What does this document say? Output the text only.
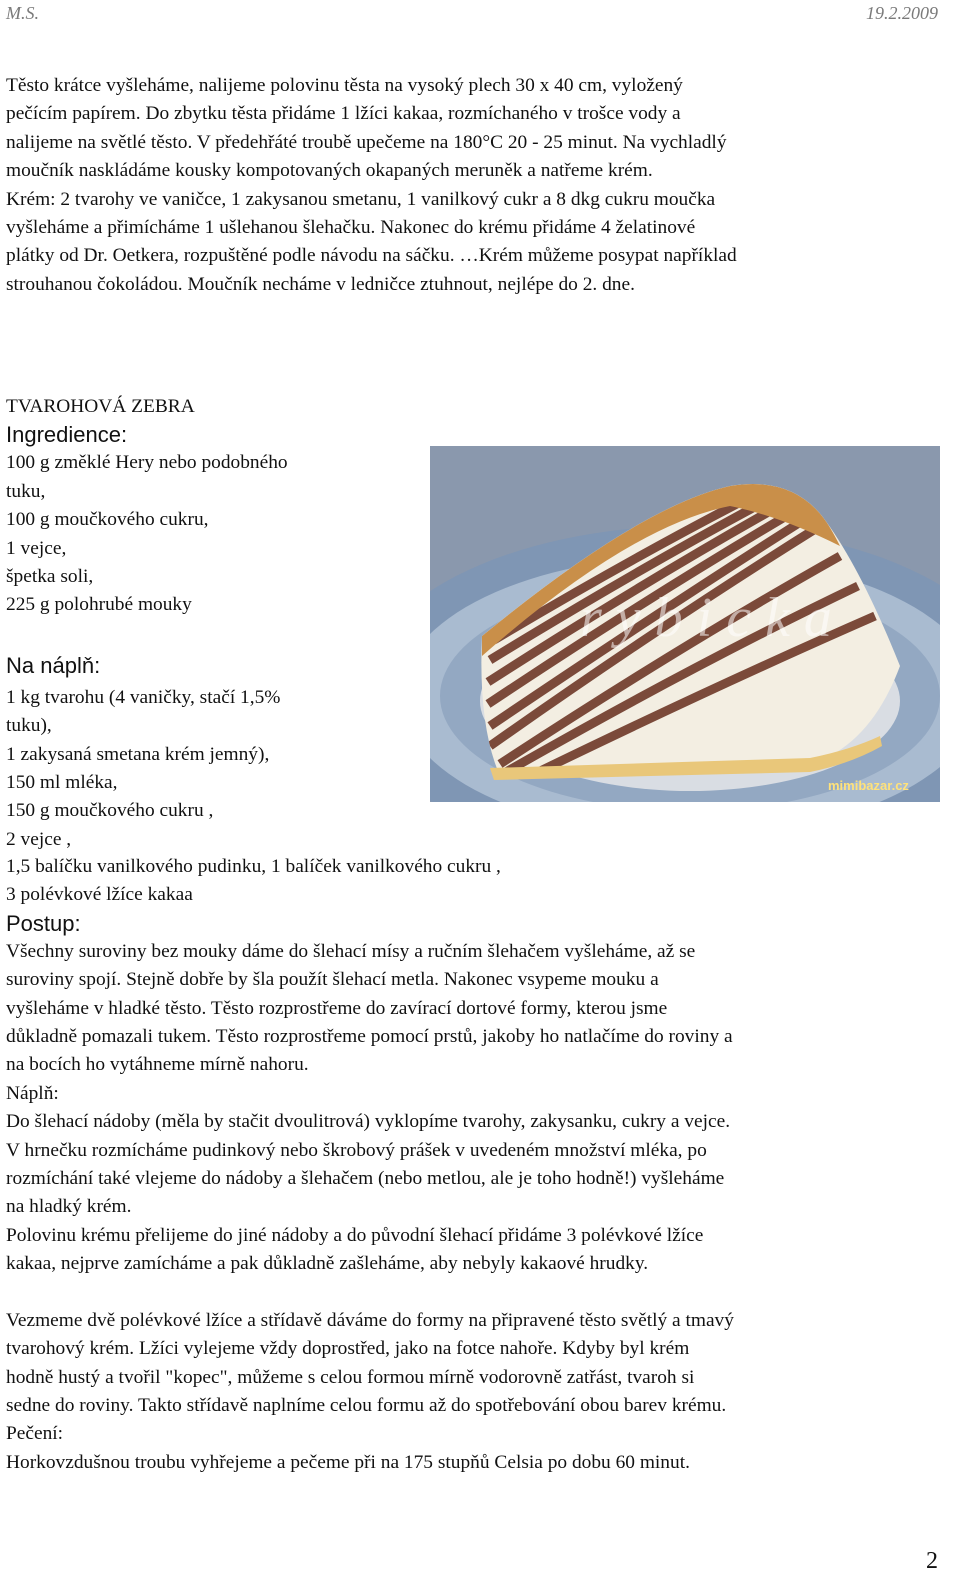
M.S.	19.2.2009

Těsto krátce vyšleháme, nalijeme polovinu těsta na vysoký plech 30 x 40 cm, vyložený

pečícím papírem. Do zbytku těsta přidáme 1 lžíci kakaa, rozmíchaného v trošce vody a

nalijeme na světlé těsto. V předehřáté troubě upečeme na 180°C 20 - 25 minut. Na vychladlý

moučník naskládáme kousky kompotovaných okapaných meruněk a natřeme krém.

Krém: 2 tvarohy ve vaničce, 1 zakysanou smetanu, 1 vanilkový cukr a 8 dkg cukru moučka

vyšleháme a přimícháme 1 ušlehanou šlehačku. Nakonec do krému přidáme 4 želatinové

plátky od Dr. Oetkera, rozpuštěné podle návodu na sáčku. …Krém můžeme posypat například

strouhanou čokoládou. Moučník necháme v ledničce ztuhnout, nejlépe do 2. dne.

TVAROHOVÁ ZEBRA

Ingredience:

100 g změklé Hery nebo podobného

tuku,

100 g moučkového cukru,

1 vejce,

špetka soli,

225 g polohrubé mouky

Na náplň:

1 kg tvarohu (4 vaničky, stačí 1,5%

tuku),

1 zakysaná smetana krém jemný),

150 ml mléka,

150 g moučkového cukru ,

2 vejce ,

rybicka
mimibazar.cz

1,5 balíčku vanilkového pudinku, 1 balíček vanilkového cukru ,

3 polévkové lžíce kakaa

Postup:

Všechny suroviny bez mouky dáme do šlehací mísy a ručním šlehačem vyšleháme, až se

suroviny spojí. Stejně dobře by šla použít šlehací metla. Nakonec vsypeme mouku a

vyšleháme v hladké těsto. Těsto rozprostřeme do zavírací dortové formy, kterou jsme

důkladně pomazali tukem. Těsto rozprostřeme pomocí prstů, jakoby ho natlačíme do roviny a

na bocích ho vytáhneme mírně nahoru.

Náplň:

Do šlehací nádoby (měla by stačit dvoulitrová) vyklopíme tvarohy, zakysanku, cukry a vejce.

V hrnečku rozmícháme pudinkový nebo škrobový prášek v uvedeném množství mléka, po

rozmíchání také vlejeme do nádoby a šlehačem (nebo metlou, ale je toho hodně!) vyšleháme

na hladký krém.

Polovinu krému přelijeme do jiné nádoby a do původní šlehací přidáme 3 polévkové lžíce

kakaa, nejprve zamícháme a pak důkladně zašleháme, aby nebyly kakaové hrudky.

Vezmeme dvě polévkové lžíce a střídavě dáváme do formy na připravené těsto světlý a tmavý

tvarohový krém. Lžíci vylejeme vždy doprostřed, jako na fotce nahoře. Kdyby byl krém

hodně hustý a tvořil "kopec", můžeme s celou formou mírně vodorovně zatřást, tvaroh si

sedne do roviny. Takto střídavě naplníme celou formu až do spotřebování obou barev krému.

Pečení:

Horkovzdušnou troubu vyhřejeme a pečeme při na 175 stupňů Celsia po dobu 60 minut.

2
